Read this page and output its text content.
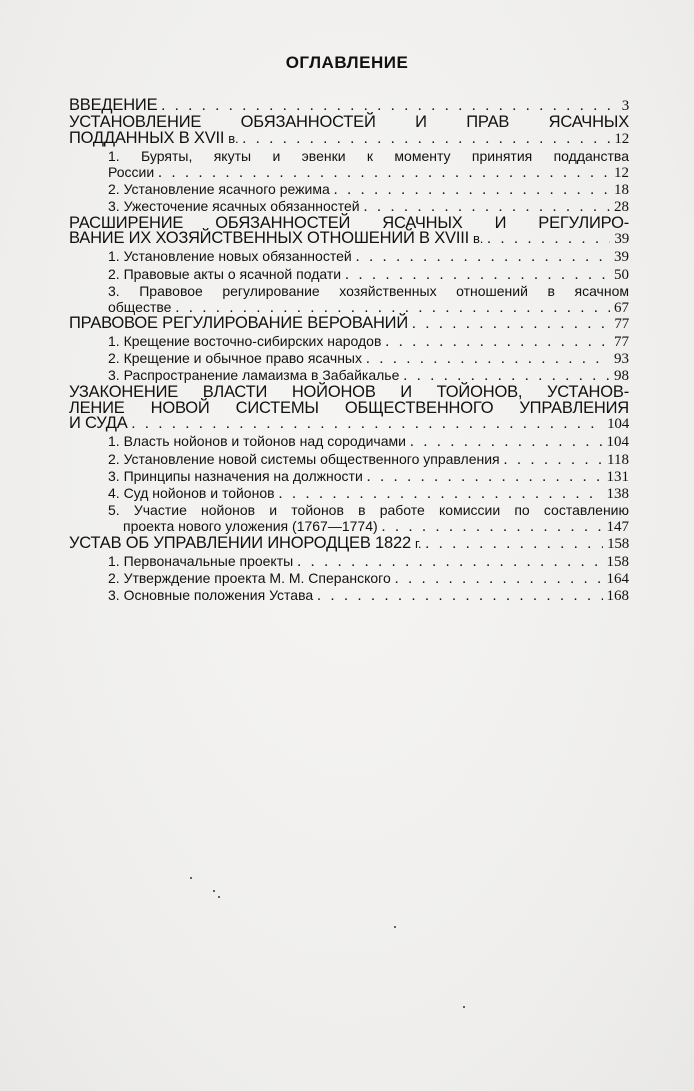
ОГЛАВЛЕНИЕ
ВВЕДЕНИЕ . . .	3
УСТАНОВЛЕНИЕ ОБЯЗАННОСТЕЙ И ПРАВ ЯСАЧНЫХ
ПОДДАННЫХ В XVII в. . . .	12
1. Буряты, якуты и эвенки к моменту принятия подданства
России . . .	12
2. Установление ясачного режима . . .	18
3. Ужесточение ясачных обязанностей . . .	28
РАСШИРЕНИЕ ОБЯЗАННОСТЕЙ ЯСАЧНЫХ И РЕГУЛИРО-
ВАНИЕ ИХ ХОЗЯЙСТВЕННЫХ ОТНОШЕНИЙ В XVIII в. . . .	39
1. Установление новых обязанностей . . .	39
2. Правовые акты о ясачной подати . . .	50
3. Правовое регулирование хозяйственных отношений в ясачном
обществе . . .	67
ПРАВОВОЕ РЕГУЛИРОВАНИЕ ВЕРОВАНИЙ . . .	77
1. Крещение восточно-сибирских народов . . .	77
2. Крещение и обычное право ясачных . . .	93
3. Распространение ламаизма в Забайкалье . . .	98
УЗАКОНЕНИЕ ВЛАСТИ НОЙОНОВ И ТОЙОНОВ, УСТАНОВ-
ЛЕНИЕ НОВОЙ СИСТЕМЫ ОБЩЕСТВЕННОГО УПРАВЛЕНИЯ
И СУДА . . .	104
1. Власть нойонов и тойонов над сородичами . . .	104
2. Установление новой системы общественного управления . . .	118
3. Принципы назначения на должности . . .	131
4. Суд нойонов и тойонов . . .	138
5. Участие нойонов и тойонов в работе комиссии по составлению
проекта нового уложения (1767—1774) . . .	147
УСТАВ ОБ УПРАВЛЕНИИ ИНОРОДЦЕВ 1822 г. . . .	158
1. Первоначальные проекты . . .	158
2. Утверждение проекта М. М. Сперанского . . .	164
3. Основные положения Устава . . .	168
